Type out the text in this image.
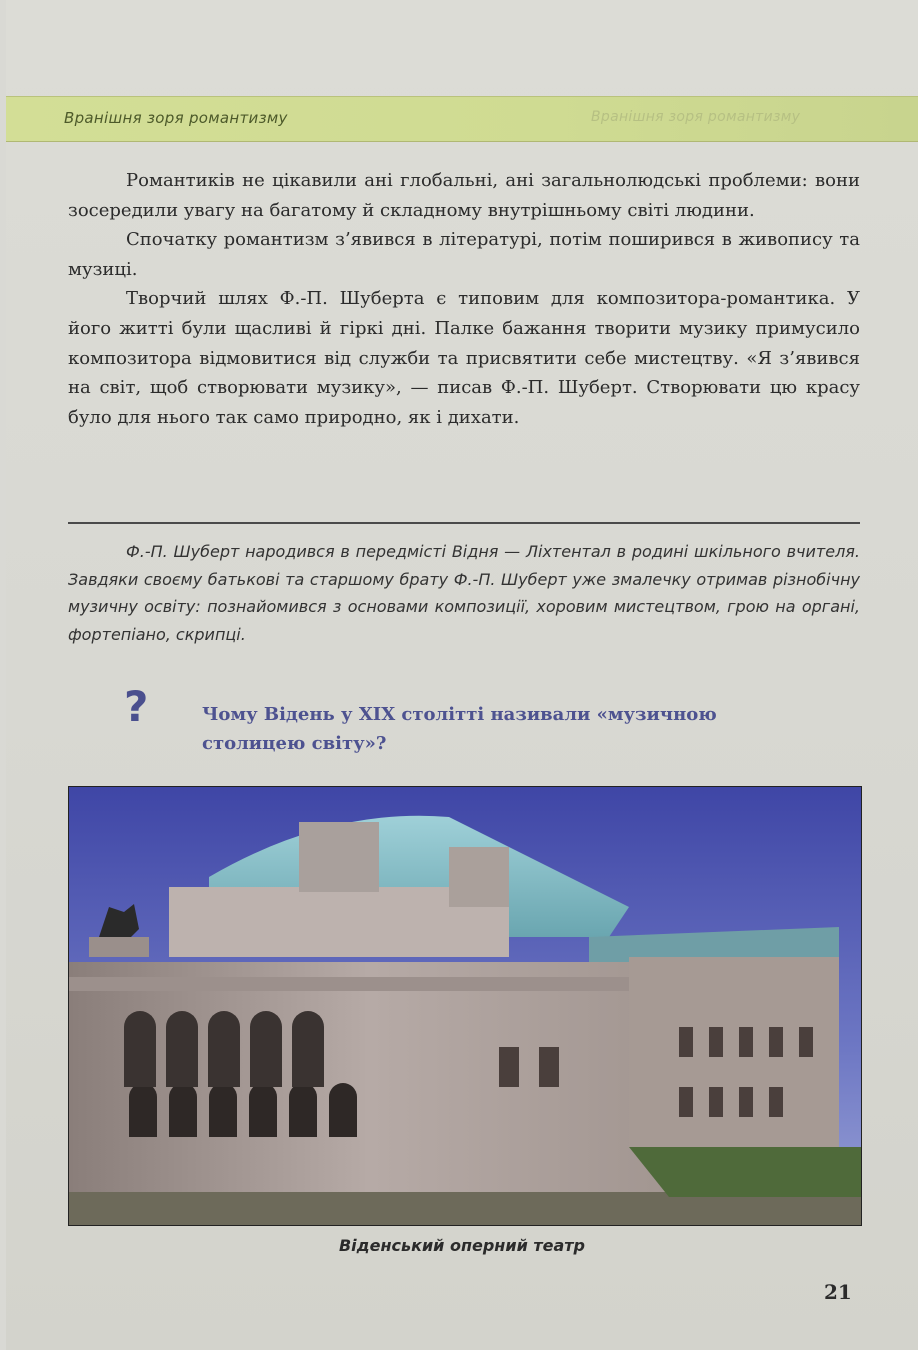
Вранішня зоря романтизму	Вранішня зоря романтизму

Романтиків не цікавили ані глобальні, ані загальнолюдські проблеми: вони зосередили увагу на багатому й складному внутрішньому світі людини.

Спочатку романтизм з’явився в літературі, потім поширився в живопису та музиці.

Творчий шлях Ф.-П. Шуберта є типовим для композитора-романтика. У його житті були щасливі й гіркі дні. Палке бажання творити музику примусило композитора відмовитися від служби та присвятити себе мистецтву. «Я з’явився на світ, щоб створювати музику», — писав Ф.-П. Шуберт. Створювати цю красу було для нього так само природно, як і дихати.

Ф.-П. Шуберт народився в передмісті Відня — Ліхтентал в родині шкільного вчителя. Завдяки своєму батькові та старшому брату Ф.-П. Шуберт уже змалечку отримав різнобічну музичну освіту: познайомився з основами композиції, хоровим мистецтвом, грою на органі, фортепіано, скрипці.

?	Чому Відень у XIX столітті називали «музичною столицею світу»?
Віденський оперний театр
21
